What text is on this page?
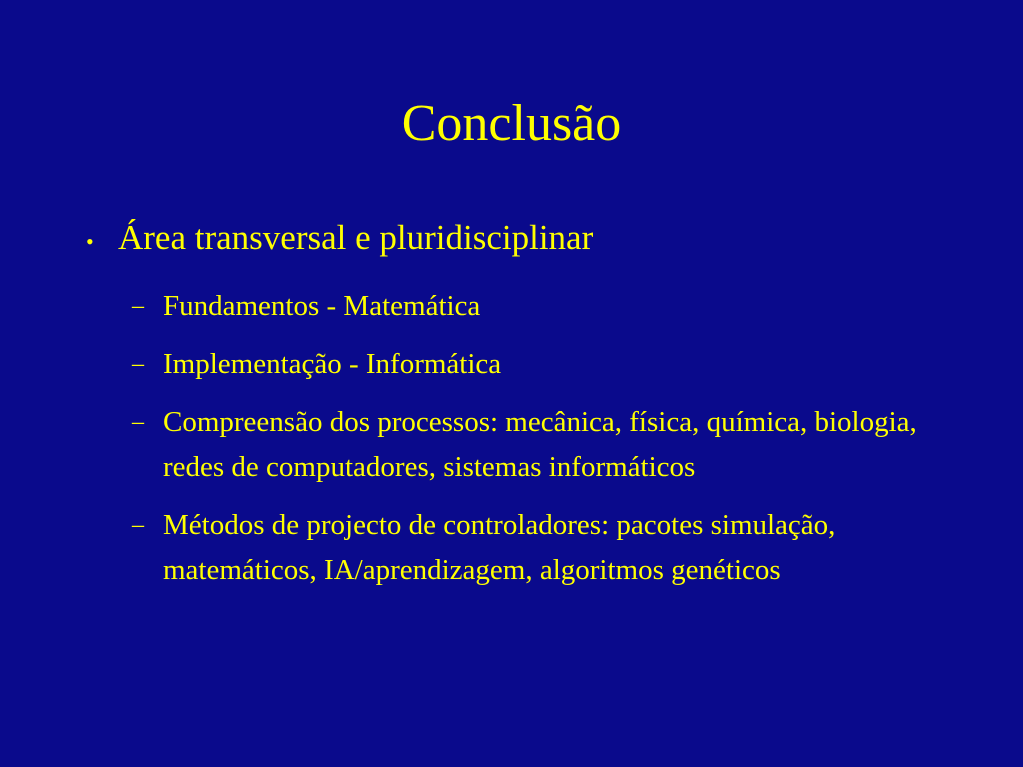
Conclusão
• Área transversal e pluridisciplinar
– Fundamentos - Matemática
– Implementação - Informática
– Compreensão dos processos: mecânica, física, química, biologia, redes de computadores, sistemas informáticos
– Métodos de projecto de controladores: pacotes simulação, matemáticos, IA/aprendizagem, algoritmos genéticos
